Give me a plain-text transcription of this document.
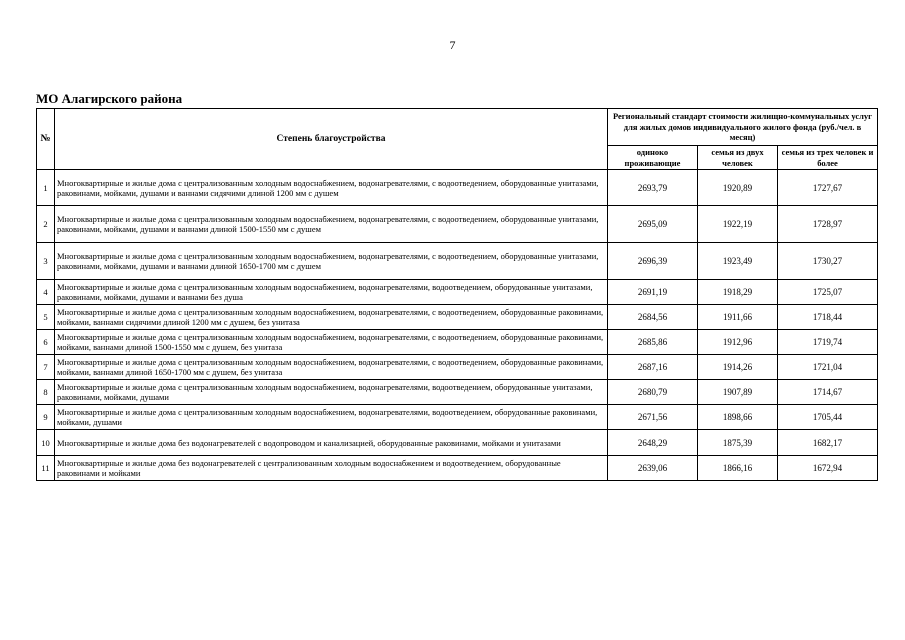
7
МО Алагирского района
№	Степень благоустройства	Региональный стандарт стоимости жилищно-коммунальных услуг для жилых домов индивидуального жилого фонда (руб./чел. в месяц)		
		одиноко проживающие	семья из двух человек	семья из трех человек и более
1	Многоквартирные и жилые дома с централизованным холодным водоснабжением, водонагревателями, с водоотведением, оборудованные унитазами, раковинами, мойками, душами и ваннами сидячими длиной 1200 мм с душем	2693,79	1920,89	1727,67
2	Многоквартирные и жилые дома с централизованным холодным водоснабжением, водонагревателями, с водоотведением, оборудованные унитазами, раковинами, мойками, душами и ваннами длиной 1500-1550 мм с душем	2695,09	1922,19	1728,97
3	Многоквартирные и жилые дома с централизованным холодным водоснабжением, водонагревателями, с водоотведением, оборудованные унитазами, раковинами, мойками, душами и ваннами длиной 1650-1700 мм с душем	2696,39	1923,49	1730,27
4	Многоквартирные и жилые дома с централизованным холодным водоснабжением, водонагревателями, водоотведением, оборудованные унитазами, раковинами, мойками, душами и ваннами без душа	2691,19	1918,29	1725,07
5	Многоквартирные и жилые дома с централизованным холодным водоснабжением, водонагревателями, с водоотведением, оборудованные раковинами, мойками, ваннами сидячими длиной 1200 мм с душем, без унитаза	2684,56	1911,66	1718,44
6	Многоквартирные и жилые дома с централизованным холодным водоснабжением, водонагревателями, с водоотведением, оборудованные раковинами, мойками, ваннами длиной 1500-1550 мм с душем, без унитаза	2685,86	1912,96	1719,74
7	Многоквартирные и жилые дома с централизованным холодным водоснабжением, водонагревателями, с водоотведением, оборудованные раковинами, мойками, ваннами длиной 1650-1700 мм с душем, без унитаза	2687,16	1914,26	1721,04
8	Многоквартирные и жилые дома с централизованным холодным водоснабжением, водонагревателями, водоотведением, оборудованные унитазами, раковинами, мойками, душами	2680,79	1907,89	1714,67
9	Многоквартирные и жилые дома с централизованным холодным водоснабжением, водонагревателями, водоотведением, оборудованные раковинами, мойками, душами	2671,56	1898,66	1705,44
10	Многоквартирные и жилые дома без водонагревателей с водопроводом и канализацией, оборудованные раковинами, мойками и унитазами	2648,29	1875,39	1682,17
11	Многоквартирные и жилые дома без водонагревателей с централизованным холодным водоснабжением и водоотведением, оборудованные раковинами и мойками	2639,06	1866,16	1672,94
